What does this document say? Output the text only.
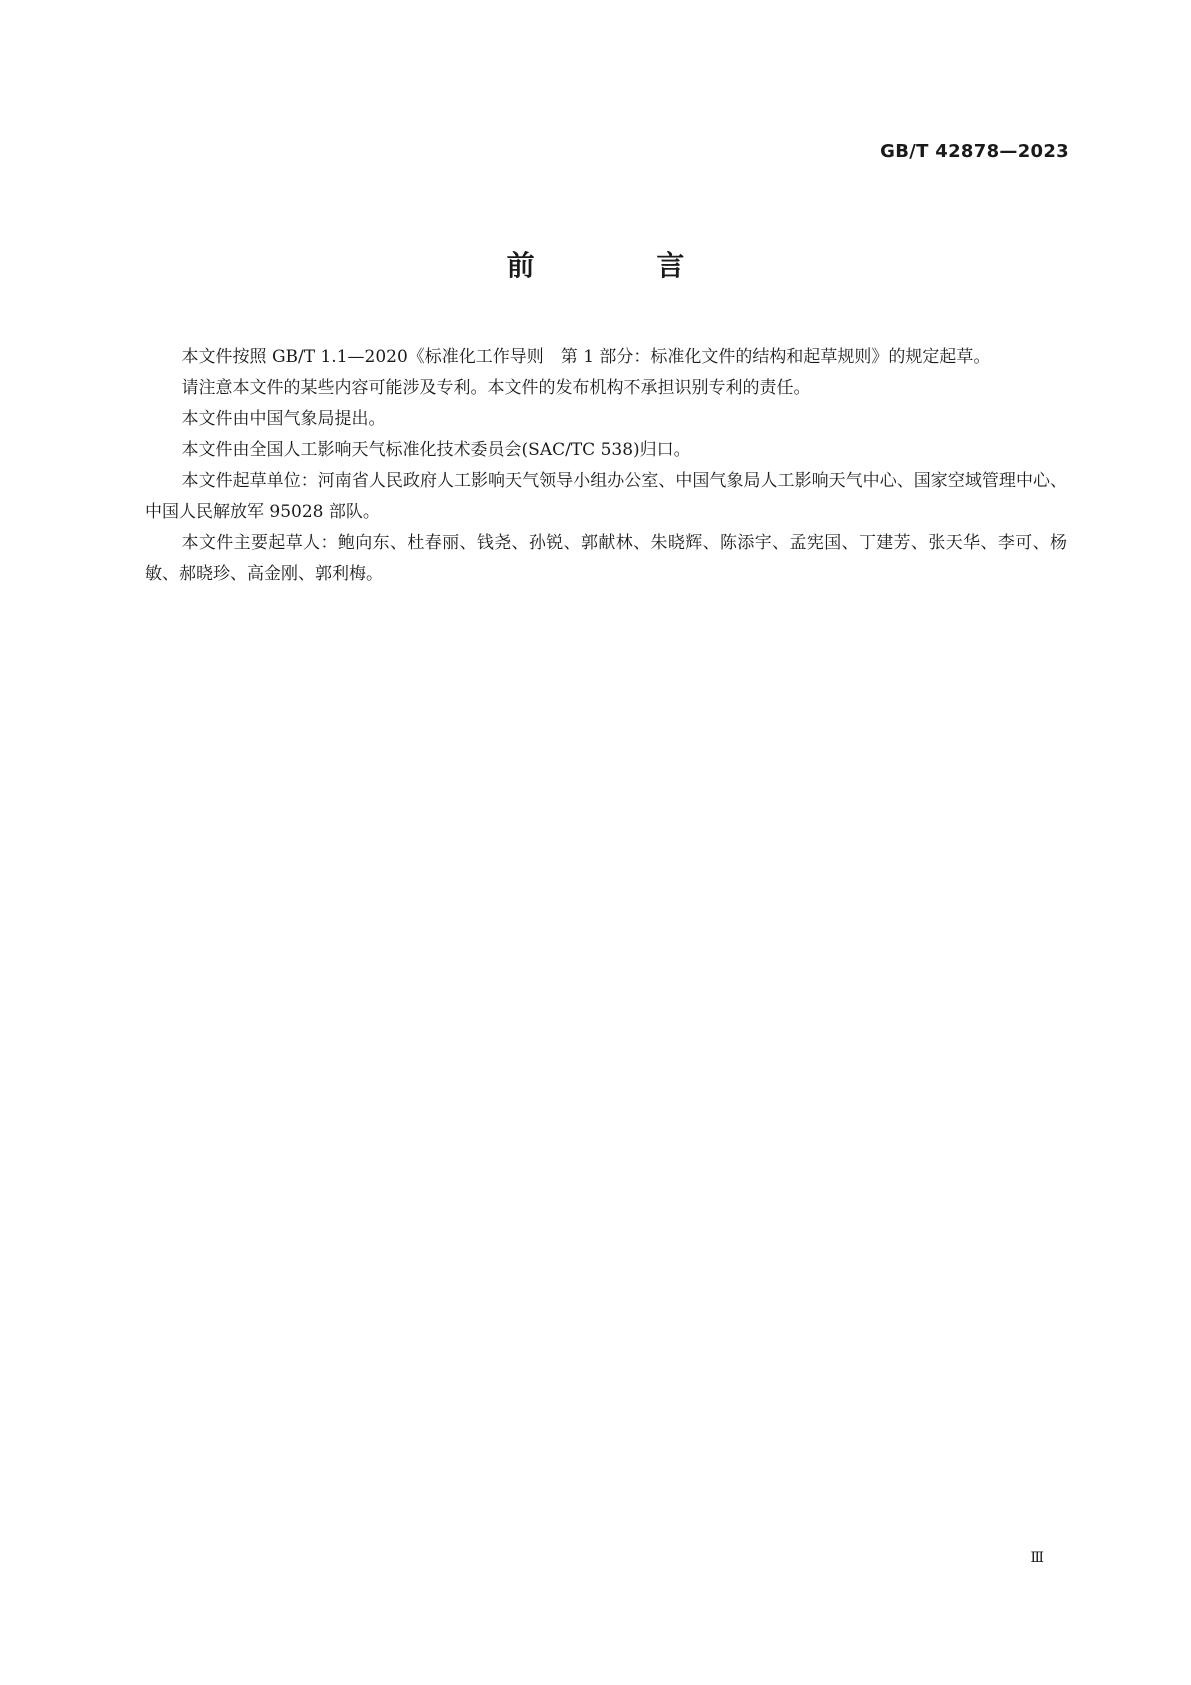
GB/T 42878—2023
前 言

本文件按照 GB/T 1.1—2020《标准化工作导则　第 1 部分：标准化文件的结构和起草规则》的规定起草。

请注意本文件的某些内容可能涉及专利。本文件的发布机构不承担识别专利的责任。

本文件由中国气象局提出。

本文件由全国人工影响天气标准化技术委员会(SAC/TC 538)归口。

本文件起草单位：河南省人民政府人工影响天气领导小组办公室、中国气象局人工影响天气中心、国家空域管理中心、中国人民解放军 95028 部队。

本文件主要起草人：鲍向东、杜春丽、钱尧、孙锐、郭献林、朱晓辉、陈添宇、孟宪国、丁建芳、张天华、李可、杨敏、郝晓珍、高金刚、郭利梅。

Ⅲ
